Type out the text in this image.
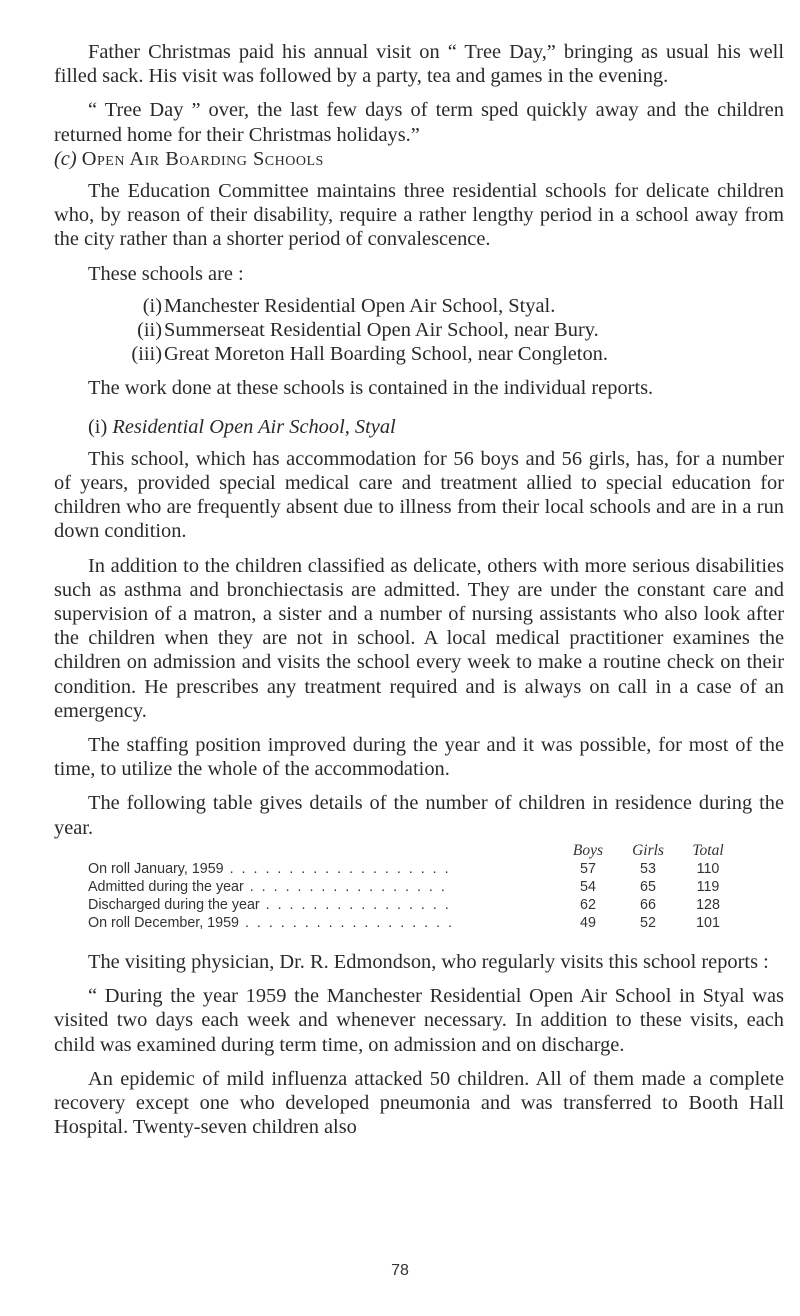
Father Christmas paid his annual visit on “ Tree Day,” bringing as usual his well filled sack. His visit was followed by a party, tea and games in the evening.

“ Tree Day ” over, the last few days of term sped quickly away and the children returned home for their Christmas holidays.”

(c) Open Air Boarding Schools

The Education Committee maintains three residential schools for delicate children who, by reason of their disability, require a rather lengthy period in a school away from the city rather than a shorter period of convalescence.

These schools are :

(i) Manchester Residential Open Air School, Styal.
(ii) Summerseat Residential Open Air School, near Bury.
(iii) Great Moreton Hall Boarding School, near Congleton.

The work done at these schools is contained in the individual reports.

(i) Residential Open Air School, Styal

This school, which has accommodation for 56 boys and 56 girls, has, for a number of years, provided special medical care and treatment allied to special education for children who are frequently absent due to illness from their local schools and are in a run down condition.

In addition to the children classified as delicate, others with more serious disabilities such as asthma and bronchiectasis are admitted. They are under the constant care and supervision of a matron, a sister and a number of nursing assistants who also look after the children when they are not in school. A local medical practitioner examines the children on admission and visits the school every week to make a routine check on their condition. He prescribes any treatment required and is always on call in a case of an emergency.

The staffing position improved during the year and it was possible, for most of the time, to utilize the whole of the accommodation.

The following table gives details of the number of children in residence during the year.

	Boys	Girls	Total
On roll January, 1959 . . . . . . . . . . . . . . . . . . .	57	53	110
Admitted during the year . . . . . . . . . . . . . . . . .	54	65	119
Discharged during the year . . . . . . . . . . . . . . . .	62	66	128
On roll December, 1959 . . . . . . . . . . . . . . . . . .	49	52	101

The visiting physician, Dr. R. Edmondson, who regularly visits this school reports :

“ During the year 1959 the Manchester Residential Open Air School in Styal was visited two days each week and whenever necessary. In addition to these visits, each child was examined during term time, on admission and on discharge.

An epidemic of mild influenza attacked 50 children. All of them made a complete recovery except one who developed pneumonia and was transferred to Booth Hall Hospital. Twenty-seven children also

78
